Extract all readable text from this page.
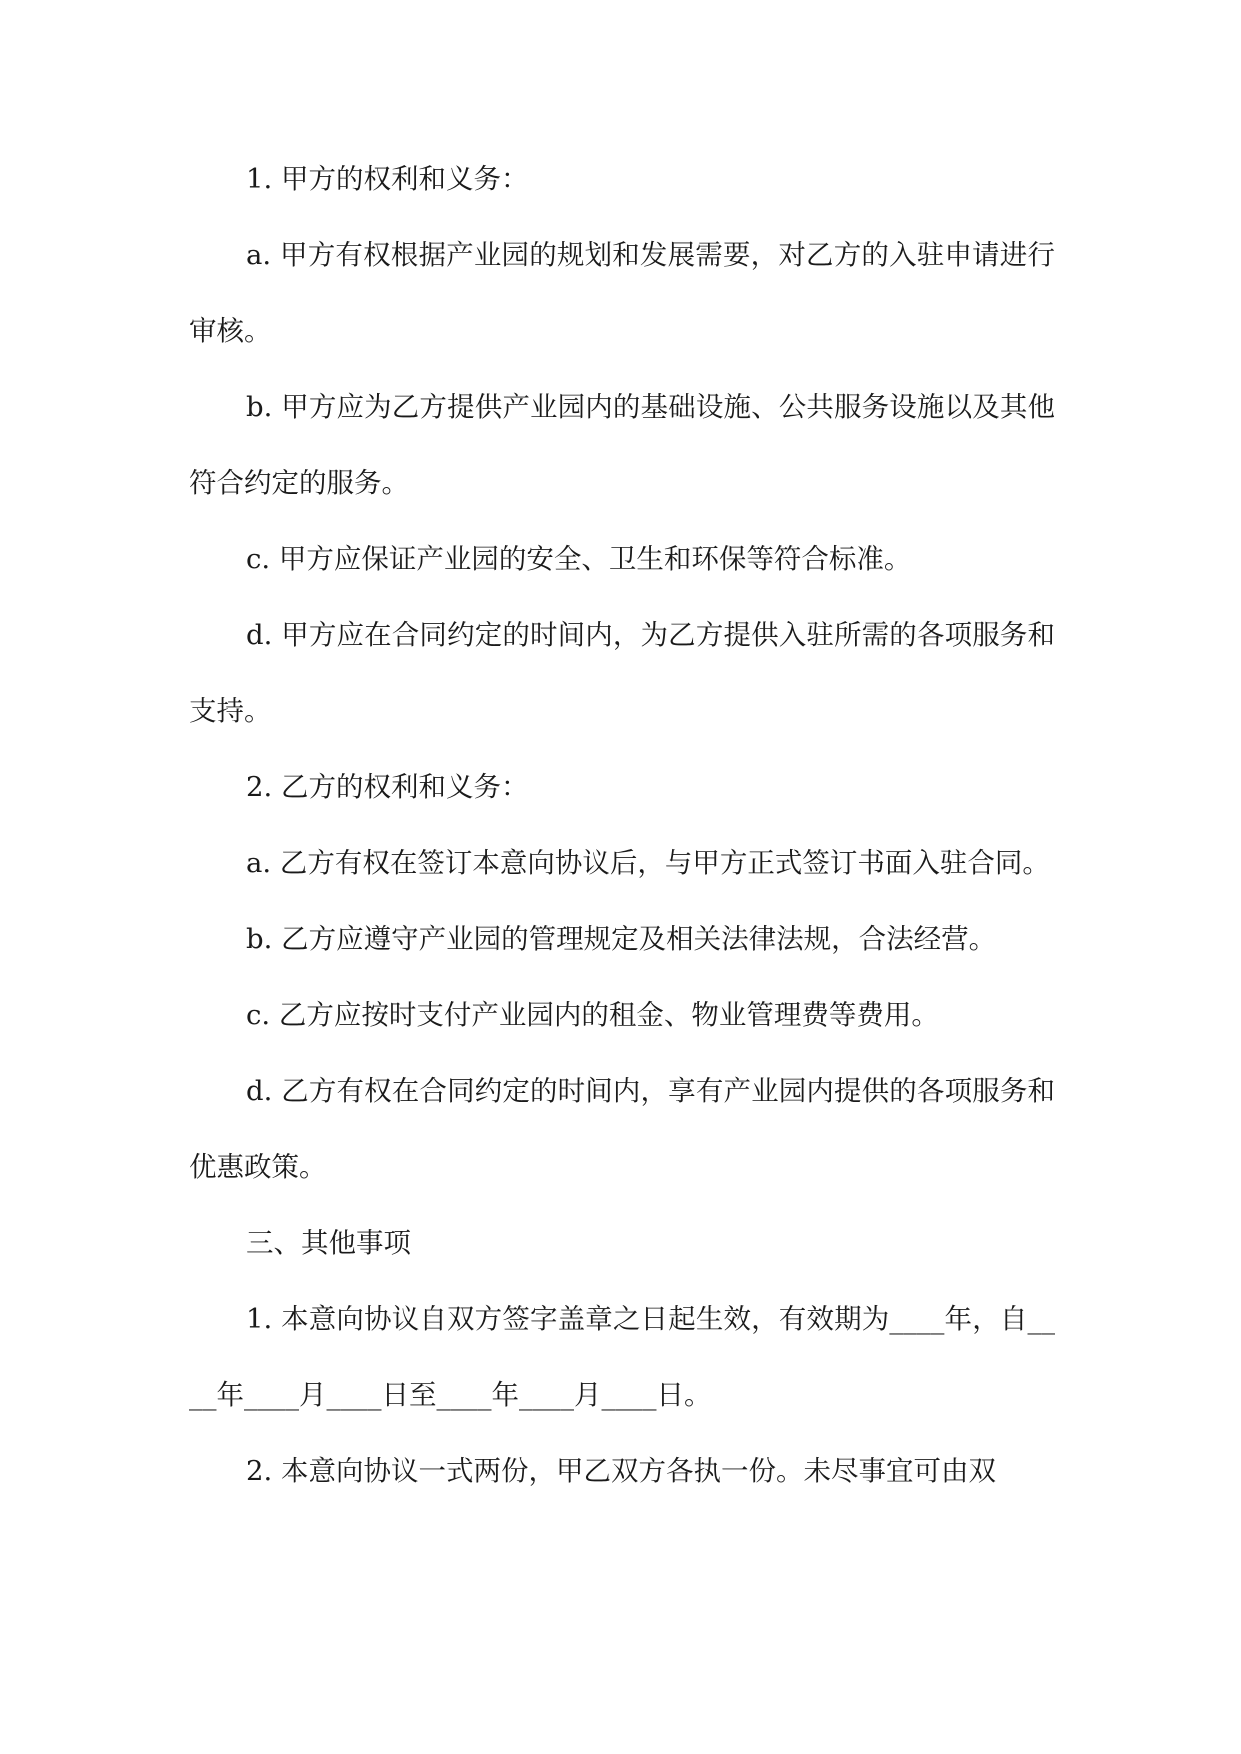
1. 甲方的权利和义务：

a. 甲方有权根据产业园的规划和发展需要，对乙方的入驻申请进行审核。

b. 甲方应为乙方提供产业园内的基础设施、公共服务设施以及其他符合约定的服务。

c. 甲方应保证产业园的安全、卫生和环保等符合标准。

d. 甲方应在合同约定的时间内，为乙方提供入驻所需的各项服务和支持。

2. 乙方的权利和义务：

a. 乙方有权在签订本意向协议后，与甲方正式签订书面入驻合同。

b. 乙方应遵守产业园的管理规定及相关法律法规，合法经营。

c. 乙方应按时支付产业园内的租金、物业管理费等费用。

d. 乙方有权在合同约定的时间内，享有产业园内提供的各项服务和优惠政策。

三、其他事项

1. 本意向协议自双方签字盖章之日起生效，有效期为____年，自____年____月____日至____年____月____日。

2. 本意向协议一式两份，甲乙双方各执一份。未尽事宜可由双
